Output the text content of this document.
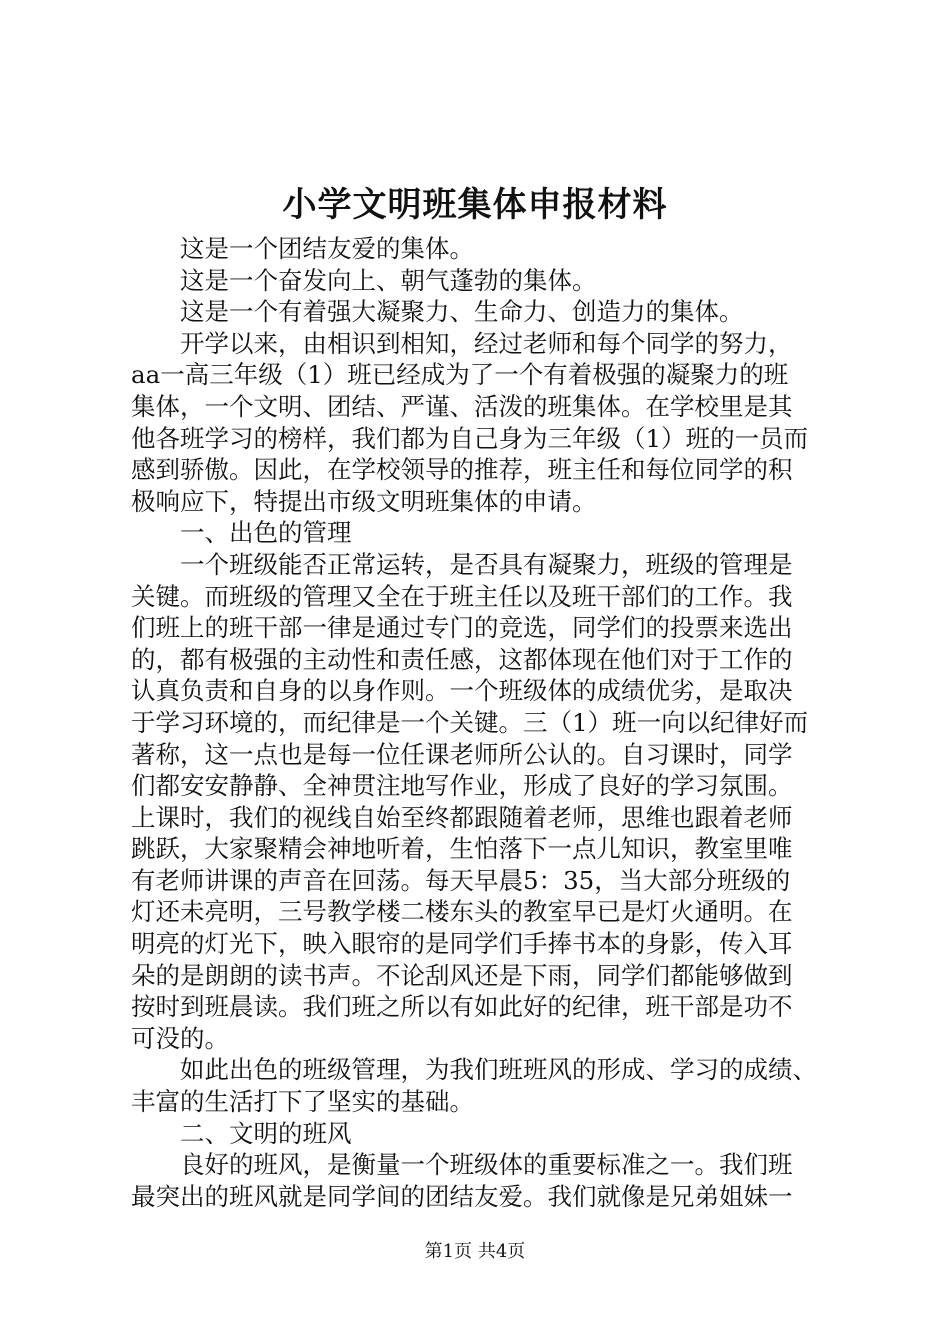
小学文明班集体申报材料
这是一个团结友爱的集体。
这是一个奋发向上、朝气蓬勃的集体。
这是一个有着强大凝聚力、生命力、创造力的集体。
开学以来，由相识到相知，经过老师和每个同学的努力，
aa一高三年级（1）班已经成为了一个有着极强的凝聚力的班
集体，一个文明、团结、严谨、活泼的班集体。在学校里是其
他各班学习的榜样，我们都为自己身为三年级（1）班的一员而
感到骄傲。因此，在学校领导的推荐，班主任和每位同学的积
极响应下，特提出市级文明班集体的申请。
一、出色的管理
一个班级能否正常运转，是否具有凝聚力，班级的管理是
关键。而班级的管理又全在于班主任以及班干部们的工作。我
们班上的班干部一律是通过专门的竞选，同学们的投票来选出
的，都有极强的主动性和责任感，这都体现在他们对于工作的
认真负责和自身的以身作则。一个班级体的成绩优劣，是取决
于学习环境的，而纪律是一个关键。三（1）班一向以纪律好而
著称，这一点也是每一位任课老师所公认的。自习课时，同学
们都安安静静、全神贯注地写作业，形成了良好的学习氛围。
上课时，我们的视线自始至终都跟随着老师，思维也跟着老师
跳跃，大家聚精会神地听着，生怕落下一点儿知识，教室里唯
有老师讲课的声音在回荡。每天早晨5：35，当大部分班级的
灯还未亮明，三号教学楼二楼东头的教室早已是灯火通明。在
明亮的灯光下，映入眼帘的是同学们手捧书本的身影，传入耳
朵的是朗朗的读书声。不论刮风还是下雨，同学们都能够做到
按时到班晨读。我们班之所以有如此好的纪律，班干部是功不
可没的。
如此出色的班级管理，为我们班班风的形成、学习的成绩、
丰富的生活打下了坚实的基础。
二、文明的班风
良好的班风，是衡量一个班级体的重要标准之一。我们班
最突出的班风就是同学间的团结友爱。我们就像是兄弟姐妹一
第1页 共4页
